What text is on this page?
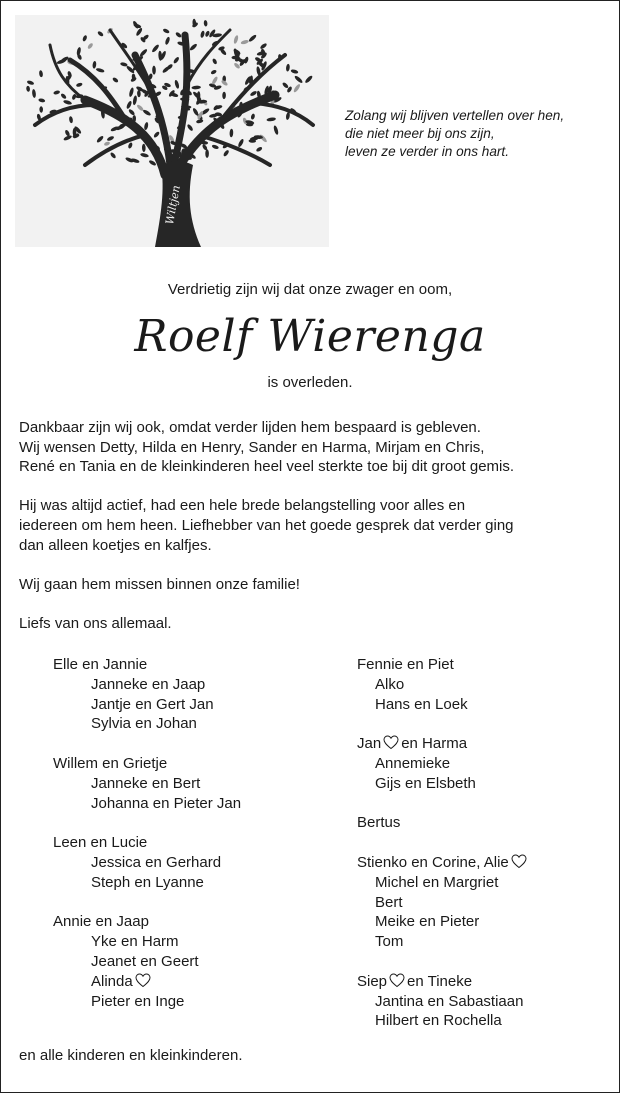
Wiltjen
Zolang wij blijven vertellen over hen,
die niet meer bij ons zijn,
leven ze verder in ons hart.
Verdrietig zijn wij dat onze zwager en oom,
Roelf Wierenga
is overleden.

Dankbaar zijn wij ook, omdat verder lijden hem bespaard is gebleven.

Wij wensen Detty, Hilda en Henry, Sander en Harma, Mirjam en Chris,

René en Tania en de kleinkinderen heel veel sterkte toe bij dit groot gemis.

Hij was altijd actief, had een hele brede belangstelling voor alles en

iedereen om hem heen. Liefhebber van het goede gesprek dat verder ging

dan alleen koetjes en kalfjes.

Wij gaan hem missen binnen onze familie!

Liefs van ons allemaal.

Elle en Jannie
Janneke en Jaap
Jantje en Gert Jan
Sylvia en Johan
Willem en Grietje
Janneke en Bert
Johanna en Pieter Jan
Leen en Lucie
Jessica en Gerhard
Steph en Lyanne
Annie en Jaap
Yke en Harm
Jeanet en Geert
Alinda
Pieter en Inge
Fennie en Piet
Alko
Hans en Loek
Jan en Harma
Annemieke
Gijs en Elsbeth
Bertus
Stienko en Corine, Alie
Michel en Margriet
Bert
Meike en Pieter
Tom
Siep en Tineke
Jantina en Sabastiaan
Hilbert en Rochella
en alle kinderen en kleinkinderen.
